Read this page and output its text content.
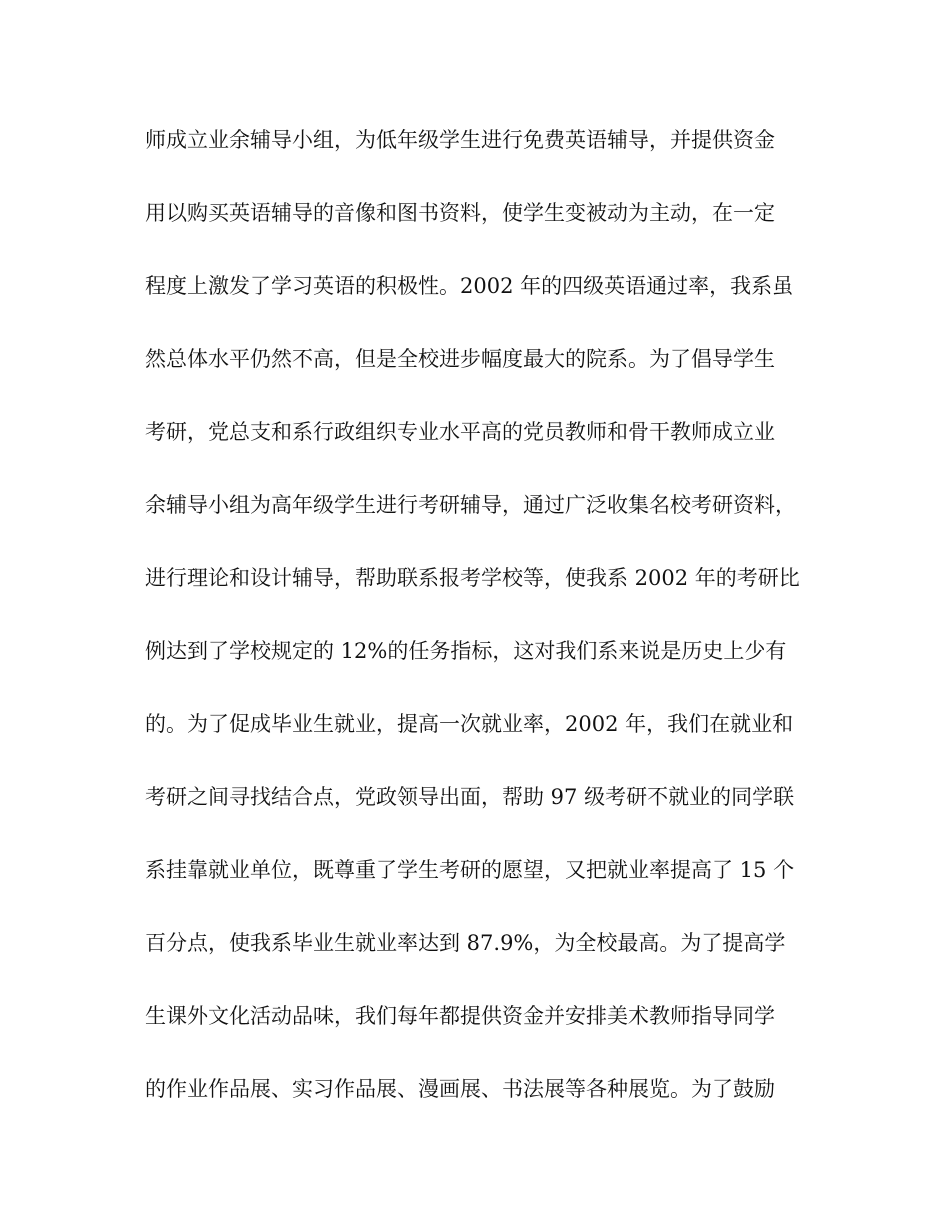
师成立业余辅导小组，为低年级学生进行免费英语辅导，并提供资金
用以购买英语辅导的音像和图书资料，使学生变被动为主动，在一定
程度上激发了学习英语的积极性。2002 年的四级英语通过率，我系虽
然总体水平仍然不高，但是全校进步幅度最大的院系。为了倡导学生
考研，党总支和系行政组织专业水平高的党员教师和骨干教师成立业
余辅导小组为高年级学生进行考研辅导，通过广泛收集名校考研资料，
进行理论和设计辅导，帮助联系报考学校等，使我系 2002 年的考研比
例达到了学校规定的 12%的任务指标，这对我们系来说是历史上少有
的。为了促成毕业生就业，提高一次就业率，2002 年，我们在就业和
考研之间寻找结合点，党政领导出面，帮助 97 级考研不就业的同学联
系挂靠就业单位，既尊重了学生考研的愿望，又把就业率提高了 15 个
百分点，使我系毕业生就业率达到 87.9%，为全校最高。为了提高学
生课外文化活动品味，我们每年都提供资金并安排美术教师指导同学
的作业作品展、实习作品展、漫画展、书法展等各种展览。为了鼓励
